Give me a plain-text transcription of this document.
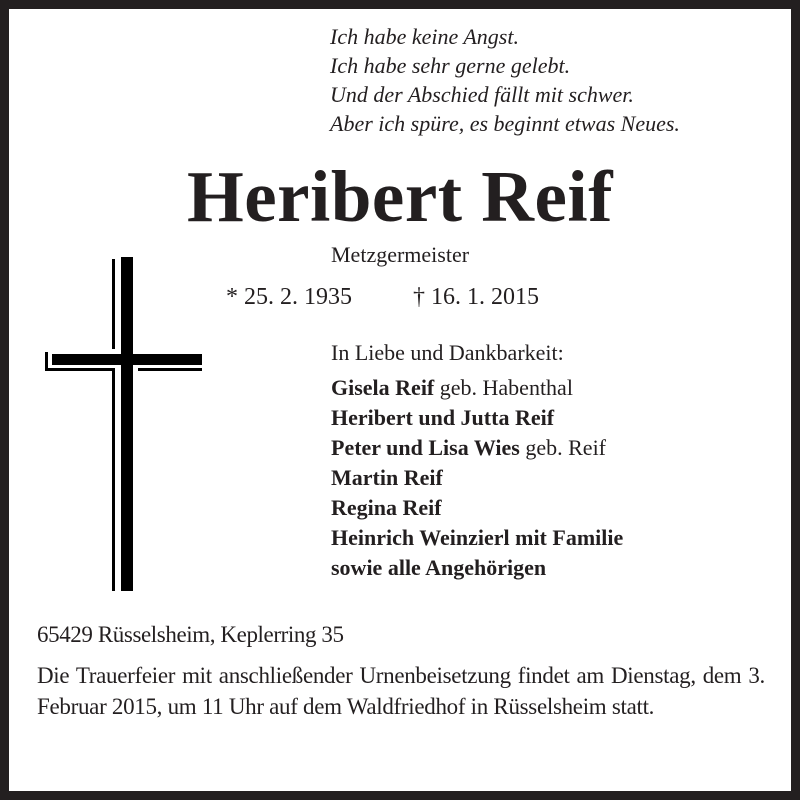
Ich habe keine Angst.
Ich habe sehr gerne gelebt.
Und der Abschied fällt mit schwer.
Aber ich spüre, es beginnt etwas Neues.
Heribert Reif
Metzgermeister
* 25. 2. 1935	† 16. 1. 2015
In Liebe und Dankbarkeit:
Gisela Reif geb. Habenthal
Heribert und Jutta Reif
Peter und Lisa Wies geb. Reif
Martin Reif
Regina Reif
Heinrich Weinzierl mit Familie
sowie alle Angehörigen
65429 Rüsselsheim, Keplerring 35
Die Trauerfeier mit anschließender Urnenbeisetzung findet am Dienstag, dem 3. Februar 2015, um 11 Uhr auf dem Waldfriedhof in Rüsselsheim statt.
